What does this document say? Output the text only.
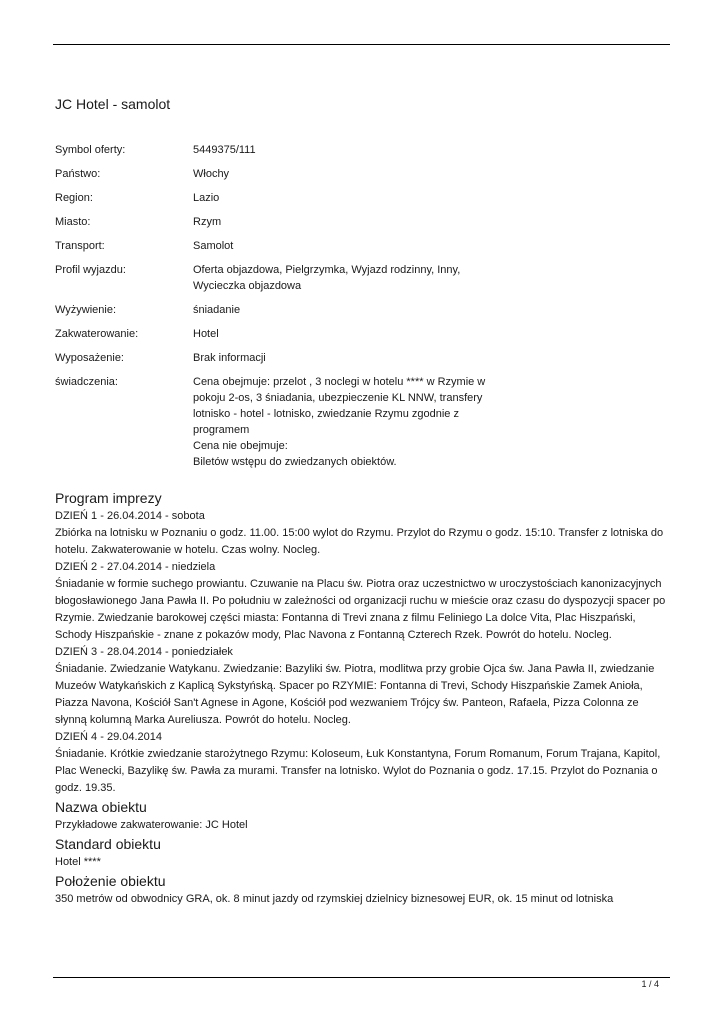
JC Hotel - samolot
Symbol oferty:	5449375/111
Państwo:	Włochy
Region:	Lazio
Miasto:	Rzym
Transport:	Samolot
Profil wyjazdu:	Oferta objazdowa, Pielgrzymka, Wyjazd rodzinny, Inny,
Wycieczka objazdowa
Wyżywienie:	śniadanie
Zakwaterowanie:	Hotel
Wyposażenie:	Brak informacji
świadczenia:	Cena obejmuje: przelot , 3 noclegi w hotelu **** w Rzymie w
pokoju 2-os, 3 śniadania, ubezpieczenie KL NNW, transfery
lotnisko - hotel - lotnisko, zwiedzanie Rzymu zgodnie z
programem
Cena nie obejmuje:
Biletów wstępu do zwiedzanych obiektów.
Program imprezy

DZIEŃ 1 - 26.04.2014 - sobota

Zbiórka na lotnisku w Poznaniu o godz. 11.00. 15:00 wylot do Rzymu. Przylot do Rzymu o godz. 15:10. Transfer z lotniska do hotelu. Zakwaterowanie w hotelu. Czas wolny. Nocleg.

DZIEŃ 2 - 27.04.2014 - niedziela

Śniadanie w formie suchego prowiantu. Czuwanie na Placu św. Piotra oraz uczestnictwo w uroczystościach kanonizacyjnych błogosławionego Jana Pawła II. Po południu w zależności od organizacji ruchu w mieście oraz czasu do dyspozycji spacer po Rzymie. Zwiedzanie barokowej części miasta: Fontanna di Trevi znana z filmu Feliniego La dolce Vita, Plac Hiszpański, Schody Hiszpańskie - znane z pokazów mody, Plac Navona z Fontanną Czterech Rzek. Powrót do hotelu. Nocleg.

DZIEŃ 3 - 28.04.2014 - poniedziałek

Śniadanie. Zwiedzanie Watykanu. Zwiedzanie: Bazyliki św. Piotra, modlitwa przy grobie Ojca św. Jana Pawła II, zwiedzanie Muzeów Watykańskich z Kaplicą Sykstyńską. Spacer po RZYMIE: Fontanna di Trevi, Schody Hiszpańskie Zamek Anioła, Piazza Navona, Kościół San't Agnese in Agone, Kościół pod wezwaniem Trójcy św. Panteon, Rafaela, Pizza Colonna ze słynną kolumną Marka Aureliusza. Powrót do hotelu. Nocleg.

DZIEŃ 4 - 29.04.2014

Śniadanie. Krótkie zwiedzanie starożytnego Rzymu: Koloseum, Łuk Konstantyna, Forum Romanum, Forum Trajana, Kapitol, Plac Wenecki, Bazylikę św. Pawła za murami. Transfer na lotnisko. Wylot do Poznania o godz. 17.15. Przylot do Poznania o godz. 19.35.

Nazwa obiektu

Przykładowe zakwaterowanie: JC Hotel

Standard obiektu

Hotel ****

Położenie obiektu

350 metrów od obwodnicy GRA, ok. 8 minut jazdy od rzymskiej dzielnicy biznesowej EUR, ok. 15 minut od lotniska

1 / 4
